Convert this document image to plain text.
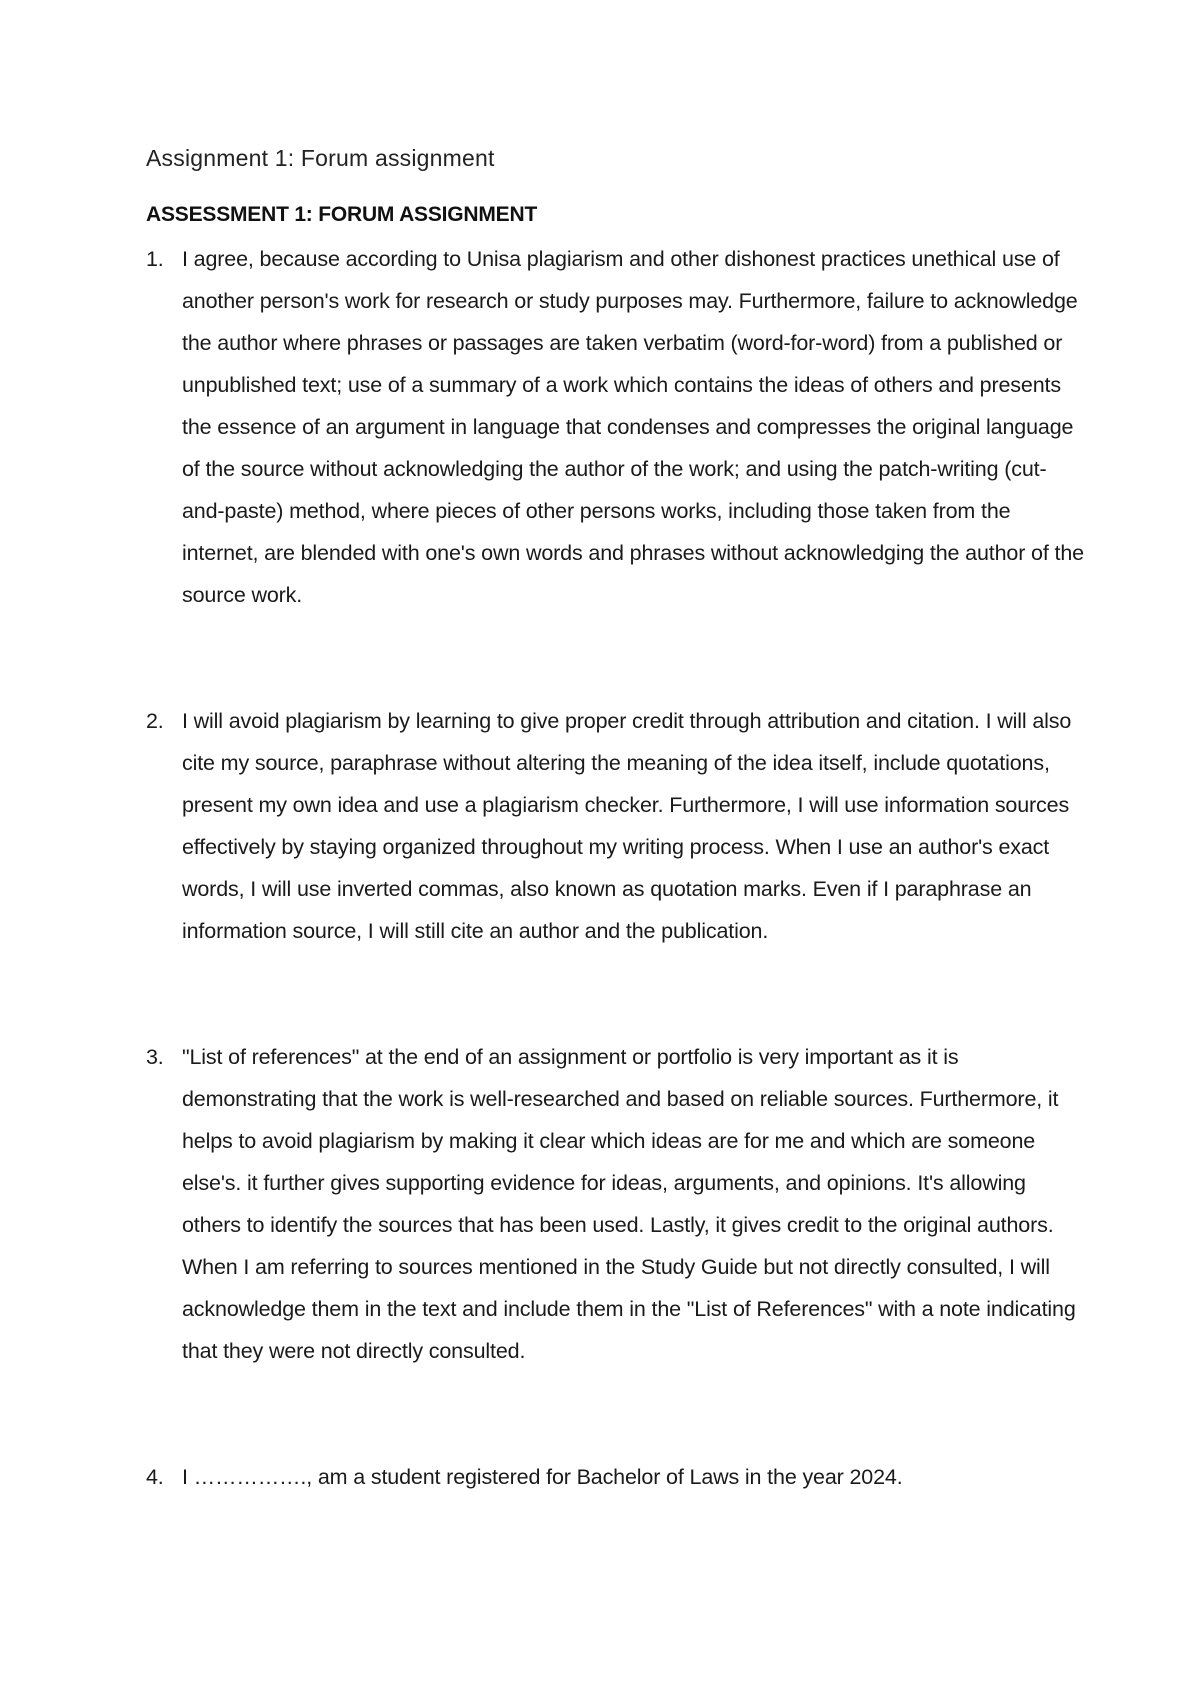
Assignment 1: Forum assignment
ASSESSMENT 1: FORUM ASSIGNMENT
1. I agree, because according to Unisa plagiarism and other dishonest practices unethical use of another person's work for research or study purposes may. Furthermore, failure to acknowledge the author where phrases or passages are taken verbatim (word-for-word) from a published or unpublished text; use of a summary of a work which contains the ideas of others and presents the essence of an argument in language that condenses and compresses the original language of the source without acknowledging the author of the work; and using the patch-writing (cut-and-paste) method, where pieces of other persons works, including those taken from the internet, are blended with one's own words and phrases without acknowledging the author of the source work.
2. I will avoid plagiarism by learning to give proper credit through attribution and citation. I will also cite my source, paraphrase without altering the meaning of the idea itself, include quotations, present my own idea and use a plagiarism checker. Furthermore, I will use information sources effectively by staying organized throughout my writing process. When I use an author's exact words, I will use inverted commas, also known as quotation marks. Even if I paraphrase an information source, I will still cite an author and the publication.
3. "List of references" at the end of an assignment or portfolio is very important as it is demonstrating that the work is well-researched and based on reliable sources. Furthermore, it helps to avoid plagiarism by making it clear which ideas are for me and which are someone else's. it further gives supporting evidence for ideas, arguments, and opinions. It's allowing others to identify the sources that has been used. Lastly, it gives credit to the original authors. When I am referring to sources mentioned in the Study Guide but not directly consulted, I will acknowledge them in the text and include them in the "List of References" with a note indicating that they were not directly consulted.
4. I ……………., am a student registered for Bachelor of Laws in the year 2024.
